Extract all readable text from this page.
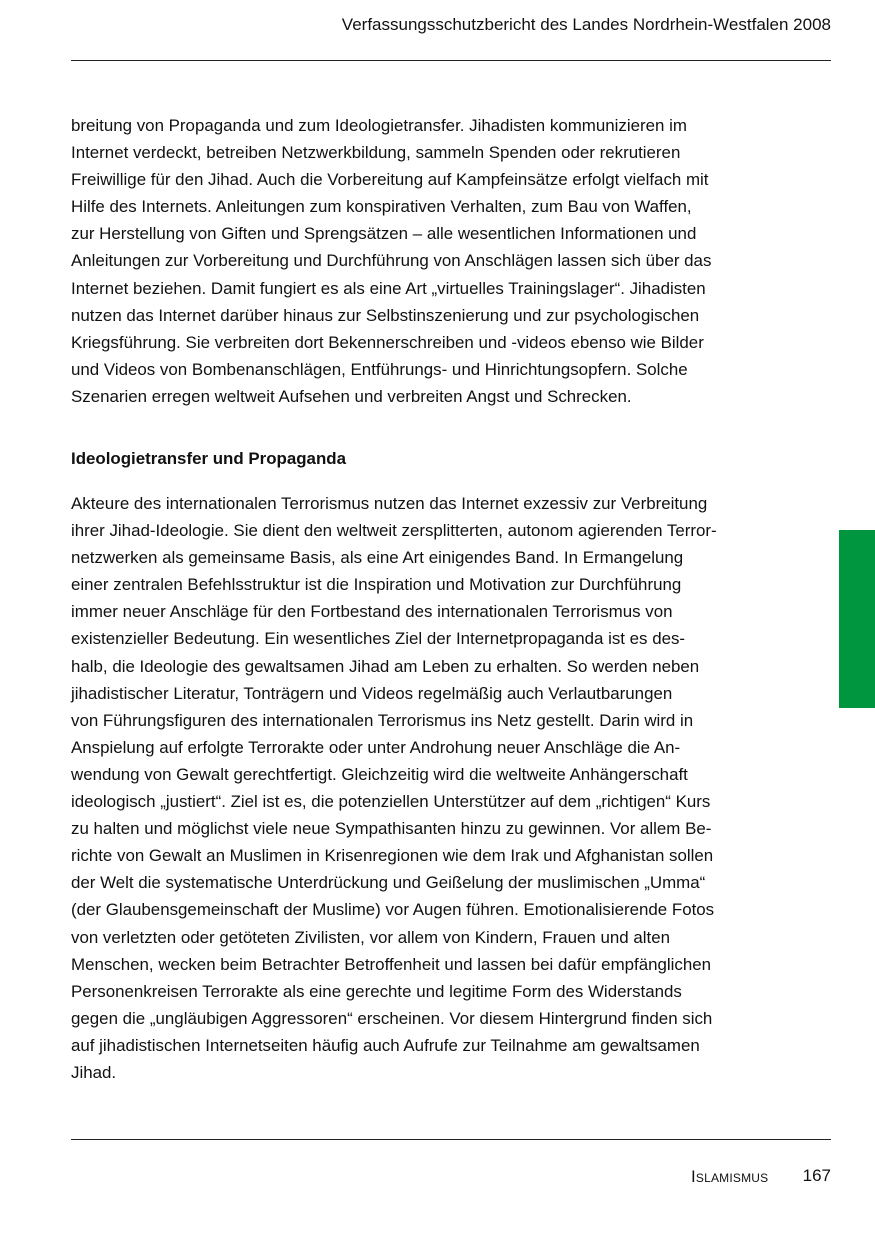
Verfassungsschutzbericht des Landes Nordrhein-Westfalen 2008
breitung von Propaganda und zum Ideologietransfer. Jihadisten kommunizieren im
Internet verdeckt, betreiben Netzwerkbildung, sammeln Spenden oder rekrutieren
Freiwillige für den Jihad. Auch die Vorbereitung auf Kampfeinsätze erfolgt vielfach mit
Hilfe des Internets. Anleitungen zum konspirativen Verhalten, zum Bau von Waffen,
zur Herstellung von Giften und Sprengsätzen – alle wesentlichen Informationen und
Anleitungen zur Vorbereitung und Durchführung von Anschlägen lassen sich über das
Internet beziehen. Damit fungiert es als eine Art „virtuelles Trainingslager“. Jihadisten
nutzen das Internet darüber hinaus zur Selbstinszenierung und zur psychologischen
Kriegsführung. Sie verbreiten dort Bekennerschreiben und -videos ebenso wie Bilder
und Videos von Bombenanschlägen, Entführungs- und Hinrichtungsopfern. Solche
Szenarien erregen weltweit Aufsehen und verbreiten Angst und Schrecken.
Ideologietransfer und Propaganda
Akteure des internationalen Terrorismus nutzen das Internet exzessiv zur Verbreitung
ihrer Jihad-Ideologie. Sie dient den weltweit zersplitterten, autonom agierenden Terror-
netzwerken als gemeinsame Basis, als eine Art einigendes Band. In Ermangelung
einer zentralen Befehlsstruktur ist die Inspiration und Motivation zur Durchführung
immer neuer Anschläge für den Fortbestand des internationalen Terrorismus von
existenzieller Bedeutung. Ein wesentliches Ziel der Internetpropaganda ist es des-
halb, die Ideologie des gewaltsamen Jihad am Leben zu erhalten. So werden neben
jihadistischer Literatur, Tonträgern und Videos regelmäßig auch Verlautbarungen
von Führungsfiguren des internationalen Terrorismus ins Netz gestellt. Darin wird in
Anspielung auf erfolgte Terrorakte oder unter Androhung neuer Anschläge die An-
wendung von Gewalt gerechtfertigt. Gleichzeitig wird die weltweite Anhängerschaft
ideologisch „justiert“. Ziel ist es, die potenziellen Unterstützer auf dem „richtigen“ Kurs
zu halten und möglichst viele neue Sympathisanten hinzu zu gewinnen. Vor allem Be-
richte von Gewalt an Muslimen in Krisenregionen wie dem Irak und Afghanistan sollen
der Welt die systematische Unterdrückung und Geißelung der muslimischen „Umma“
(der Glaubensgemeinschaft der Muslime) vor Augen führen. Emotionalisierende Fotos
von verletzten oder getöteten Zivilisten, vor allem von Kindern, Frauen und alten
Menschen, wecken beim Betrachter Betroffenheit und lassen bei dafür empfänglichen
Personenkreisen Terrorakte als eine gerechte und legitime Form des Widerstands
gegen die „ungläubigen Aggressoren“ erscheinen. Vor diesem Hintergrund finden sich
auf jihadistischen Internetseiten häufig auch Aufrufe zur Teilnahme am gewaltsamen
Jihad.
Islamismus 167
